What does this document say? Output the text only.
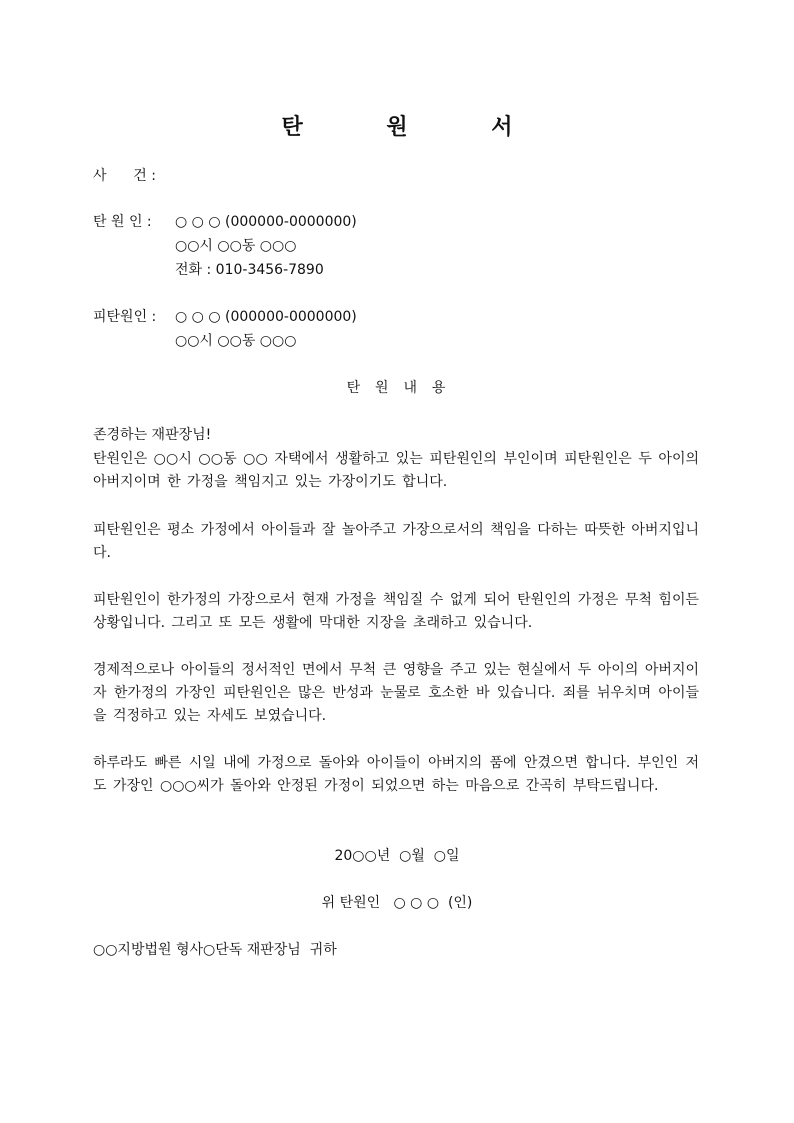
탄 원 서
사      건 :
탄 원 인 : ○ ○ ○ (000000-0000000)
○○시 ○○동 ○○○
전화 : 010-3456-7890
피탄원인 : ○ ○ ○ (000000-0000000)
○○시 ○○동 ○○○
탄  원  내  용
존경하는 재판장님!
탄원인은 ○○시 ○○동 ○○ 자택에서 생활하고 있는 피탄원인의 부인이며 피탄원인은 두 아이의 아버지이며 한 가정을 책임지고 있는 가장이기도 합니다.
피탄원인은 평소 가정에서 아이들과 잘 놀아주고 가장으로서의 책임을 다하는 따뜻한 아버지입니다.
피탄원인이 한가정의 가장으로서 현재 가정을 책임질 수 없게 되어 탄원인의 가정은 무척 힘이든 상황입니다. 그리고 또 모든 생활에 막대한 지장을 초래하고 있습니다.
경제적으로나 아이들의 정서적인 면에서 무척 큰 영향을 주고 있는 현실에서 두 아이의 아버지이자 한가정의 가장인 피탄원인은 많은 반성과 눈물로 호소한 바 있습니다. 죄를 뉘우치며 아이들을 걱정하고 있는 자세도 보였습니다.
하루라도 빠른 시일 내에 가정으로 돌아와 아이들이 아버지의 품에 안겼으면 합니다. 부인인 저도 가장인 ○○○씨가 돌아와 안정된 가정이 되었으면 하는 마음으로 간곡히 부탁드립니다.
20○○년  ○월  ○일
위 탄원인   ○ ○ ○  (인)
○○지방법원 형사○단독 재판장님  귀하
